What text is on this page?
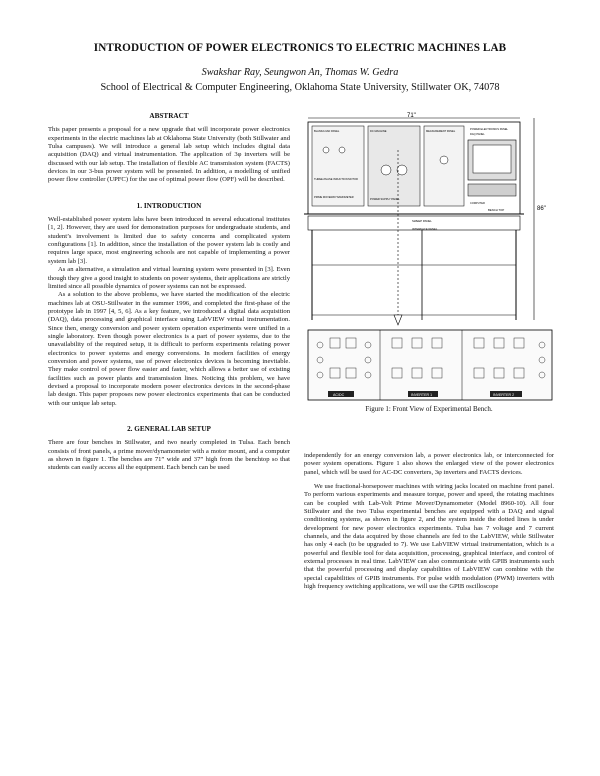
INTRODUCTION OF POWER ELECTRONICS TO ELECTRIC MACHINES LAB
Swakshar Ray, Seungwon An, Thomas W. Gedra
School of Electrical & Computer Engineering, Oklahoma State University, Stillwater OK, 74078
ABSTRACT

This paper presents a proposal for a new upgrade that will incorporate power electronics experiments in the electric machines lab at Oklahoma State University (both Stillwater and Tulsa campuses). We will introduce a general lab setup which includes digital data acquisition (DAQ) and virtual instrumentation. The application of 3φ inverters will be discussed with our lab setup. The installation of flexible AC transmission system (FACTS) devices in our 3-bus power system will be presented. In addition, a modelling of unified power flow controller (UPFC) for the use of optimal power flow (OPF) will be described.

1. INTRODUCTION

Well-established power system labs have been introduced in several educational institutes [1, 2]. However, they are used for demonstration purposes for undergraduate students, and student’s involvement is limited due to safety concerns and complicated system configurations [1]. In addition, since the installation of the power system lab is costly and requires large space, most engineering schools are not capable of implementing a power system lab [3].

As an alternative, a simulation and virtual learning system were presented in [3]. Even though they give a good insight to students on power systems, their applications are strictly limited since all possible dynamics of power systems can not be expressed.

As a solution to the above problems, we have started the modification of the electric machines lab at OSU-Stillwater in the summer 1996, and completed the first-phase of the prototype lab in 1997 [4, 5, 6]. As a key feature, we introduced a digital data acquisition (DAQ), data processing and graphical interface using LabVIEW virtual instrumentation. Since then, energy conversion and power system operation experiments were unified in a single laboratory. Even though power electronics is a part of power systems, due to the unavailability of the required setup, it is difficult to perform experiments relating power electronics to power systems and energy conversions. In modern facilities of energy conversion and power systems, use of power electronics devices is becoming inevitable. They make control of power flow easier and faster, which allows a better use of existing facilities such as power plants and transmission lines. Noticing this problem, we have devised a proposal to incorporate modern power electronics devices in the second-phase lab design. This paper proposes new power electronics experiments that can be conducted with our unique lab setup.

2. GENERAL LAB SETUP

There are four benches in Stillwater, and two nearly completed in Tulsa. Each bench consists of front panels, a prime mover/dynamometer with a motor mount, and a computer as shown in figure 1. The benches are 71” wide and 37” high from the benchtop so that students can easily access all the equipment. Each bench can be used

71"
86"
BLANK/LOAD PANEL
THREE-PHASE INDUCTION MOTOR
DC MACHINE
PRIME MOVER/DYNAMOMETER
POWER SUPPLY PANEL
POWER ELECTRONICS PANEL
DAQ PANEL
MEASUREMENT PANEL
COMPUTER
BENCH TOP
SWEEP PANEL
INTERFACE PANEL
AC/DC	INVERTER 1	INVERTER 2
Figure 1: Front View of Experimental Bench.

independently for an energy conversion lab, a power electronics lab, or interconnected for power system operations. Figure 1 also shows the enlarged view of the power electronics panel, which will be used for AC-DC converters, 3φ inverters and FACTS devices.

We use fractional-horsepower machines with wiring jacks located on machine front panel. To perform various experiments and measure torque, power and speed, the rotating machines can be coupled with Lab-Volt Prime Mover/Dynamometer (Model 8960-10). All four Stillwater and the two Tulsa experimental benches are equipped with a DAQ and signal conditioning systems, as shown in figure 2, and the system inside the dotted lines is under development for new power electronics experiments. Tulsa has 7 voltage and 7 current channels, and the data acquired by those channels are fed to the LabVIEW, while Stillwater has only 4 each (to be upgraded to 7). We use LabVIEW virtual instrumentation, which is a powerful and flexible tool for data acquisition, processing, graphical interface, and control of external processes in real time. LabVIEW can also communicate with GPIB instruments such that the powerful processing and display capabilities of LabVIEW can combine with the special capabilities of GPIB instruments. For pulse width modulation (PWM) inverters with high frequency switching applications, we will use the GPIB oscilloscope
